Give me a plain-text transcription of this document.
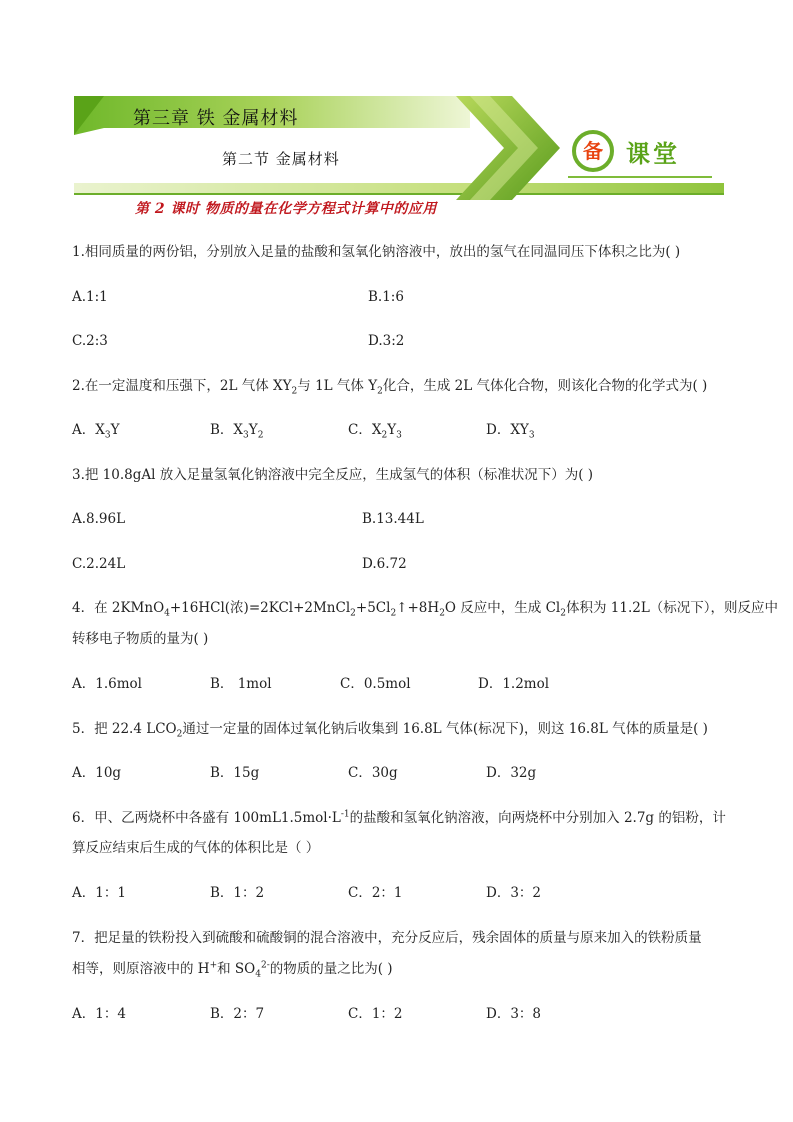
第三章 铁 金属材料
第二节 金属材料	备 课堂
第 2 课时 物质的量在化学方程式计算中的应用
1.相同质量的两份铝，分别放入足量的盐酸和氢氧化钠溶液中，放出的氢气在同温同压下体积之比为( )
A.1:1	B.1:6
C.2:3	D.3:2
2.在一定温度和压强下，2L 气体 $XY_2$与 1L 气体 $Y_2$化合，生成 2L 气体化合物，则该化合物的化学式为( )
A．$X_3Y$	B．$X_3Y_2$	C．$X_2Y_3$	D．$XY_3$
3.把 10.8gAl 放入足量氢氧化钠溶液中完全反应，生成氢气的体积（标准状况下）为( )
A.8.96L	B.13.44L
C.2.24L	D.6.72
4．在 2KMnO$_4$+16HCl(浓)$=2KCl+2MnCl_2+5Cl_2↑+8H_2O$ 反应中，生成 $Cl_2$体积为 11.2L（标况下），则反应中
转移电子物质的量为( )
A．1.6mol	B． 1mol	C．0.5mol	D．1.2mol
5．把 22.4 $LCO_2$通过一定量的固体过氧化钠后收集到 16.8L 气体(标况下)，则这 16.8L 气体的质量是( )
A．10g	B．15g	C．30g	D．32g
6．甲、乙两烧杯中各盛有 $100mL1.5mol\cdot L^{-1}$的盐酸和氢氧化钠溶液，向两烧杯中分别加入 2.7g 的铝粉，计
算反应结束后生成的气体的体积比是（ ）
A．1：1	B．1：2	C．2：1	D．3：2
7．把足量的铁粉投入到硫酸和硫酸铜的混合溶液中，充分反应后，残余固体的质量与原来加入的铁粉质量
相等，则原溶液中的 H+和 $SO_4^{2-}$的物质的量之比为( )
A．1：4	B．2：7	C．1：2	D．3：8
